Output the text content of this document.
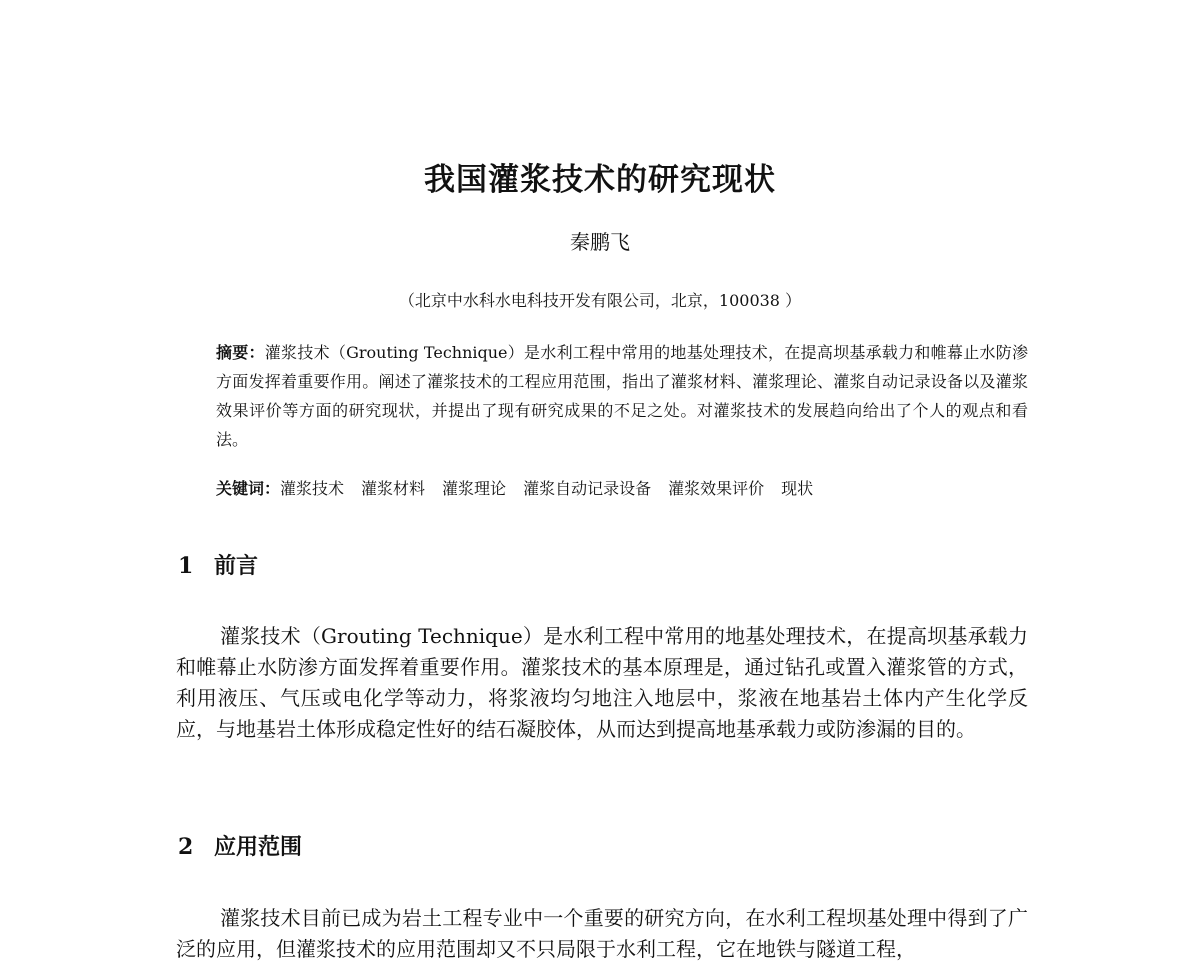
我国灌浆技术的研究现状

秦鹏飞

（北京中水科水电科技开发有限公司，北京，100038 ）

摘要：灌浆技术（Grouting Technique）是水利工程中常用的地基处理技术，在提高坝基承载力和帷幕止水防渗方面发挥着重要作用。阐述了灌浆技术的工程应用范围，指出了灌浆材料、灌浆理论、灌浆自动记录设备以及灌浆效果评价等方面的研究现状，并提出了现有研究成果的不足之处。对灌浆技术的发展趋向给出了个人的观点和看法。

关键词：灌浆技术 灌浆材料 灌浆理论 灌浆自动记录设备 灌浆效果评价 现状

1 前言

灌浆技术（Grouting Technique）是水利工程中常用的地基处理技术，在提高坝基承载力和帷幕止水防渗方面发挥着重要作用。灌浆技术的基本原理是，通过钻孔或置入灌浆管的方式，利用液压、气压或电化学等动力，将浆液均匀地注入地层中，浆液在地基岩土体内产生化学反应，与地基岩土体形成稳定性好的结石凝胶体，从而达到提高地基承载力或防渗漏的目的。

2 应用范围

灌浆技术目前已成为岩土工程专业中一个重要的研究方向，在水利工程坝基处理中得到了广泛的应用，但灌浆技术的应用范围却又不只局限于水利工程，它在地铁与隧道工程，
